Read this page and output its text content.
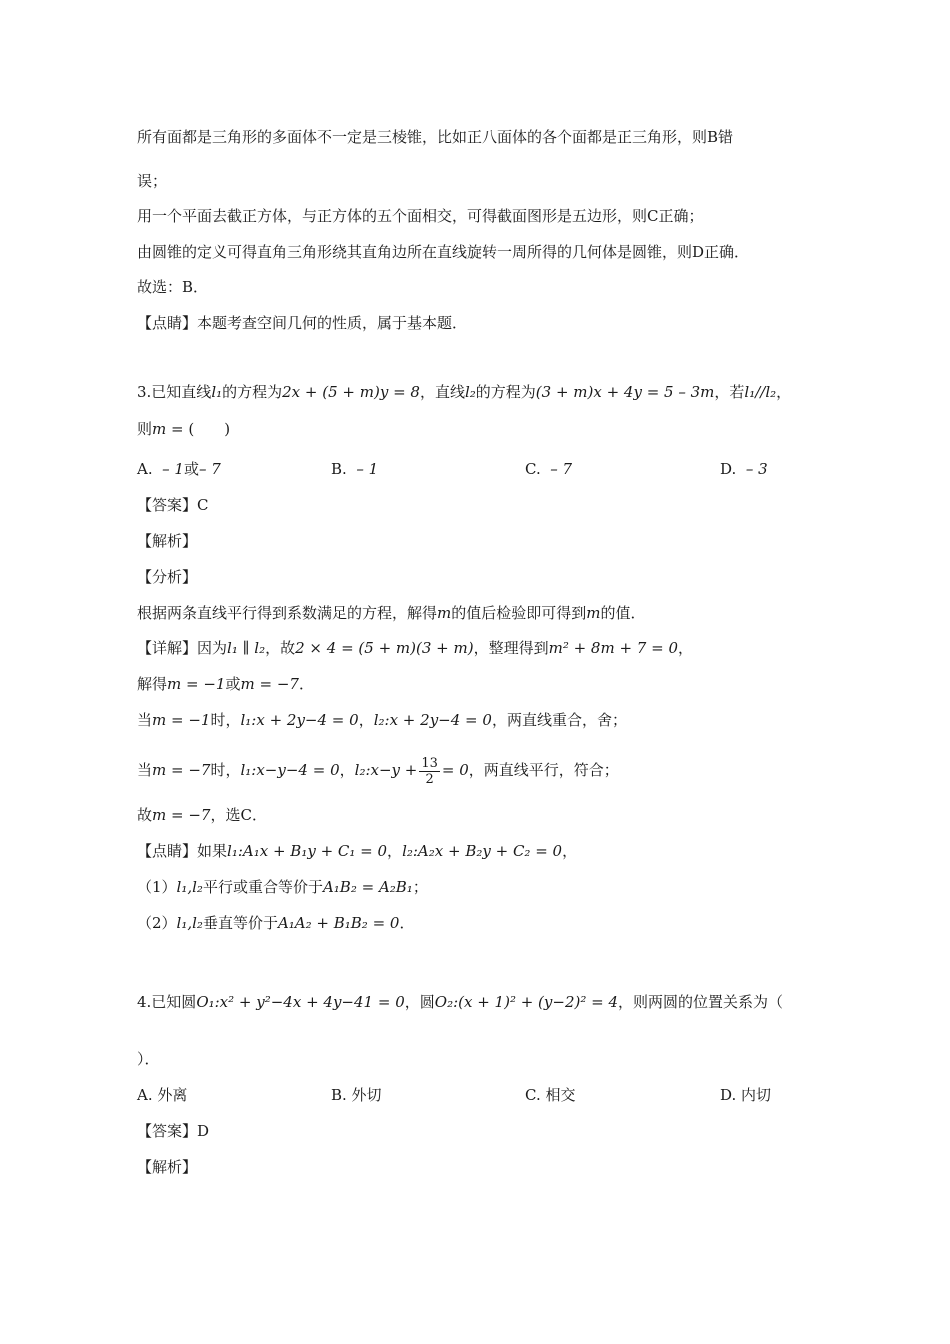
所有面都是三角形的多面体不一定是三棱锥，比如正八面体的各个面都是正三角形，则B错
误；
用一个平面去截正方体，与正方体的五个面相交，可得截面图形是五边形，则C正确；
由圆锥的定义可得直角三角形绕其直角边所在直线旋转一周所得的几何体是圆锥，则D正确．
故选：B．
【点睛】本题考查空间几何的性质，属于基本题．
3.已知直线l₁的方程为2x + (5 + m)y = 8，直线l₂的方程为(3 + m)x + 4y = 5 – 3m，若l₁//l₂，
则m = (　　)
A. – 1或– 7	B. – 1	C. – 7	D. – 3
【答案】C
【解析】
【分析】
根据两条直线平行得到系数满足的方程，解得m的值后检验即可得到m的值．
【详解】因为l₁ ∥ l₂，故2 × 4 = (5 + m)(3 + m)，整理得到m² + 8m + 7 = 0，
解得m = −1或m = −7．
当m = −1时，l₁:x + 2y−4 = 0，l₂:x + 2y−4 = 0，两直线重合，舍；
当m = −7时，l₁:x−y−4 = 0，l₂:x−y + $\frac{13}{2} = 0$，两直线平行，符合；
故m = −7，选C．
【点睛】如果l₁:A₁x + B₁y + C₁ = 0，l₂:A₂x + B₂y + C₂ = 0，
（1）l₁,l₂平行或重合等价于A₁B₂ = A₂B₁；
（2）l₁,l₂垂直等价于A₁A₂ + B₁B₂ = 0．
4.已知圆O₁:x² + y²−4x + 4y−41 = 0，圆O₂:(x + 1)² + (y−2)² = 4，则两圆的位置关系为（
）．
A. 外离	B. 外切	C. 相交	D. 内切
【答案】D
【解析】
